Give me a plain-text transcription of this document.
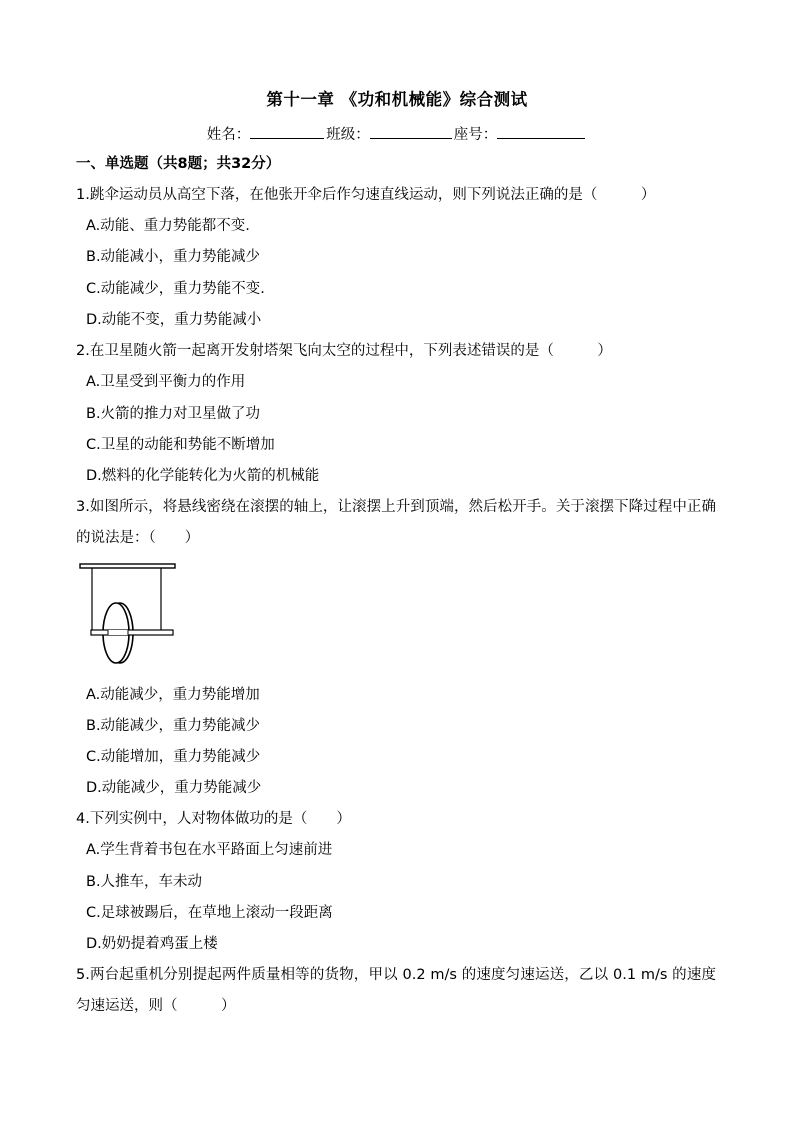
第十一章 《功和机械能》综合测试
姓名：	班级：	座号：
一、单选题（共8题；共32分）
1.跳伞运动员从高空下落，在他张开伞后作匀速直线运动，则下列说法正确的是（　　　）
A.动能、重力势能都不变.
B.动能减小，重力势能减少
C.动能减少，重力势能不变.
D.动能不变，重力势能减小
2.在卫星随火箭一起离开发射塔架飞向太空的过程中，下列表述错误的是（　　　）
A.卫星受到平衡力的作用
B.火箭的推力对卫星做了功
C.卫星的动能和势能不断增加
D.燃料的化学能转化为火箭的机械能
3.如图所示，将悬线密绕在滚摆的轴上，让滚摆上升到顶端，然后松开手。关于滚摆下降过程中正确的说法是：（　　）
A.动能减少，重力势能增加
B.动能减少，重力势能减少
C.动能增加，重力势能减少
D.动能减少，重力势能减少
4.下列实例中，人对物体做功的是（　　）
A.学生背着书包在水平路面上匀速前进
B.人推车，车未动
C.足球被踢后，在草地上滚动一段距离
D.奶奶提着鸡蛋上楼
5.两台起重机分别提起两件质量相等的货物，甲以 0.2 m/s 的速度匀速运送，乙以 0.1 m/s 的速度匀速运送，则（　　　）
